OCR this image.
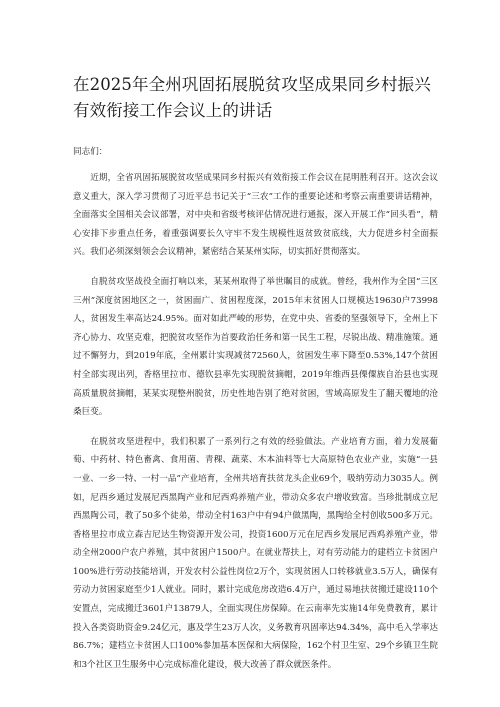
在2025年全州巩固拓展脱贫攻坚成果同乡村振兴有效衔接工作会议上的讲话

同志们：

近期，全省巩固拓展脱贫攻坚成果同乡村振兴有效衔接工作会议在昆明胜利召开。这次会议意义重大，深入学习贯彻了习近平总书记关于“三农”工作的重要论述和考察云南重要讲话精神，全面落实全国相关会议部署，对中央和省级考核评估情况进行通报，深入开展工作“回头看”，精心安排下步重点任务，着重强调要长久守牢不发生规模性返贫致贫底线，大力促进乡村全面振兴。我们必须深刻领会会议精神，紧密结合某某州实际，切实抓好贯彻落实。

自脱贫攻坚战役全面打响以来，某某州取得了举世瞩目的成就。曾经，我州作为全国“三区三州”深度贫困地区之一，贫困面广、贫困程度深，2015年末贫困人口规模达19630户73998人，贫困发生率高达24.95%。面对如此严峻的形势，在党中央、省委的坚强领导下，全州上下齐心协力、攻坚克难，把脱贫攻坚作为首要政治任务和第一民生工程，尽锐出战、精准施策。通过不懈努力，到2019年底，全州累计实现减贫72560人，贫困发生率下降至0.53%,147个贫困村全部实现出列，香格里拉市、德钦县率先实现脱贫摘帽，2019年维西县傈僳族自治县也实现高质量脱贫摘帽，某某实现整州脱贫，历史性地告别了绝对贫困，雪域高原发生了翻天覆地的沧桑巨变。

在脱贫攻坚进程中，我们积累了一系列行之有效的经验做法。产业培育方面，着力发展葡萄、中药材、特色畜禽、食用菌、青稞、蔬菜、木本油料等七大高原特色农业产业，实施“一县一业、一乡一特、一村一品”产业培育，全州共培育扶贫龙头企业69个，吸纳劳动力3035人。例如，尼西乡通过发展尼西黑陶产业和尼西鸡养殖产业，带动众多农户增收致富。当珍批制成立尼西黑陶公司，教了50多个徒弟，带动全村163户中有94户做黑陶，黑陶给全村创收500多万元。香格里拉市成立森吉尼达生物资源开发公司，投资1600万元在尼西乡发展尼西鸡养殖产业，带动全州2000户农户养殖，其中贫困户1500户。在就业帮扶上，对有劳动能力的建档立卡贫困户100%进行劳动技能培训，开发农村公益性岗位2万个，实现贫困人口转移就业3.5万人，确保有劳动力贫困家庭至少1人就业。同时，累计完成危房改造6.4万户，通过易地扶贫搬迁建设110个安置点，完成搬迁3601户13879人，全面实现住房保障。在云南率先实施14年免费教育，累计投入各类资助资金9.24亿元，惠及学生23万人次，义务教育巩固率达94.34%，高中毛入学率达86.7%；建档立卡贫困人口100%参加基本医保和大病保险，162个村卫生室、29个乡镇卫生院和3个社区卫生服务中心完成标准化建设，极大改善了群众就医条件。
